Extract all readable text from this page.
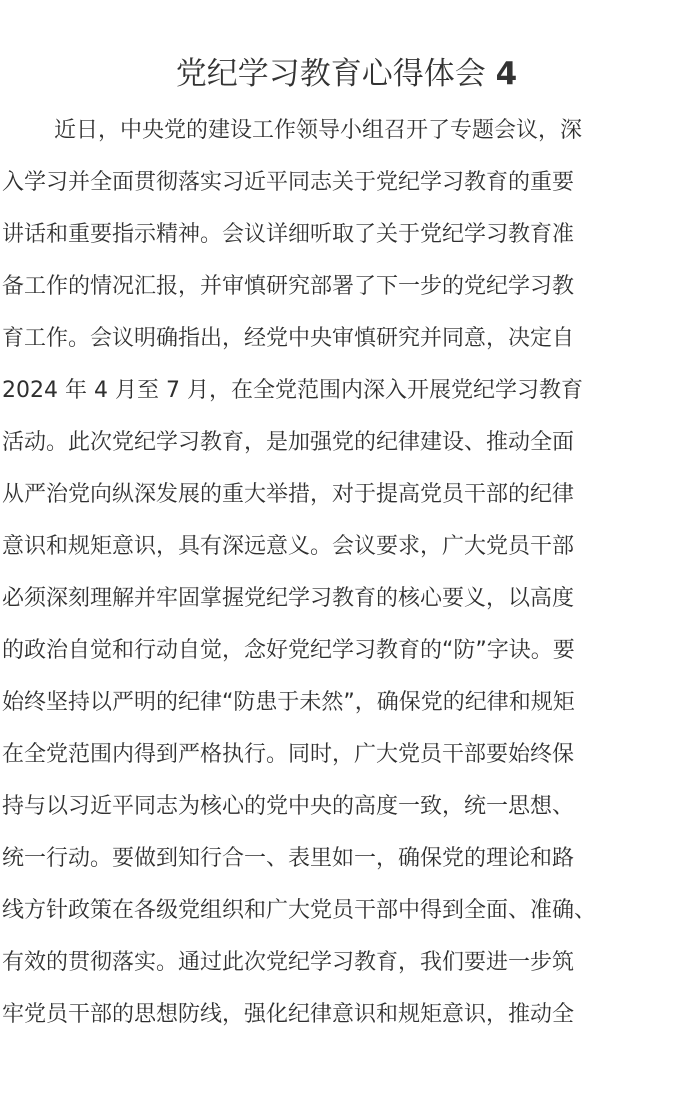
党纪学习教育心得体会 4
近日，中央党的建设工作领导小组召开了专题会议，深
入学习并全面贯彻落实习近平同志关于党纪学习教育的重要
讲话和重要指示精神。会议详细听取了关于党纪学习教育准
备工作的情况汇报，并审慎研究部署了下一步的党纪学习教
育工作。会议明确指出，经党中央审慎研究并同意，决定自
2024 年 4 月至 7 月，在全党范围内深入开展党纪学习教育
活动。此次党纪学习教育，是加强党的纪律建设、推动全面
从严治党向纵深发展的重大举措，对于提高党员干部的纪律
意识和规矩意识，具有深远意义。会议要求，广大党员干部
必须深刻理解并牢固掌握党纪学习教育的核心要义，以高度
的政治自觉和行动自觉，念好党纪学习教育的“防”字诀。要
始终坚持以严明的纪律“防患于未然”，确保党的纪律和规矩
在全党范围内得到严格执行。同时，广大党员干部要始终保
持与以习近平同志为核心的党中央的高度一致，统一思想、
统一行动。要做到知行合一、表里如一，确保党的理论和路
线方针政策在各级党组织和广大党员干部中得到全面、准确、
有效的贯彻落实。通过此次党纪学习教育，我们要进一步筑
牢党员干部的思想防线，强化纪律意识和规矩意识，推动全
